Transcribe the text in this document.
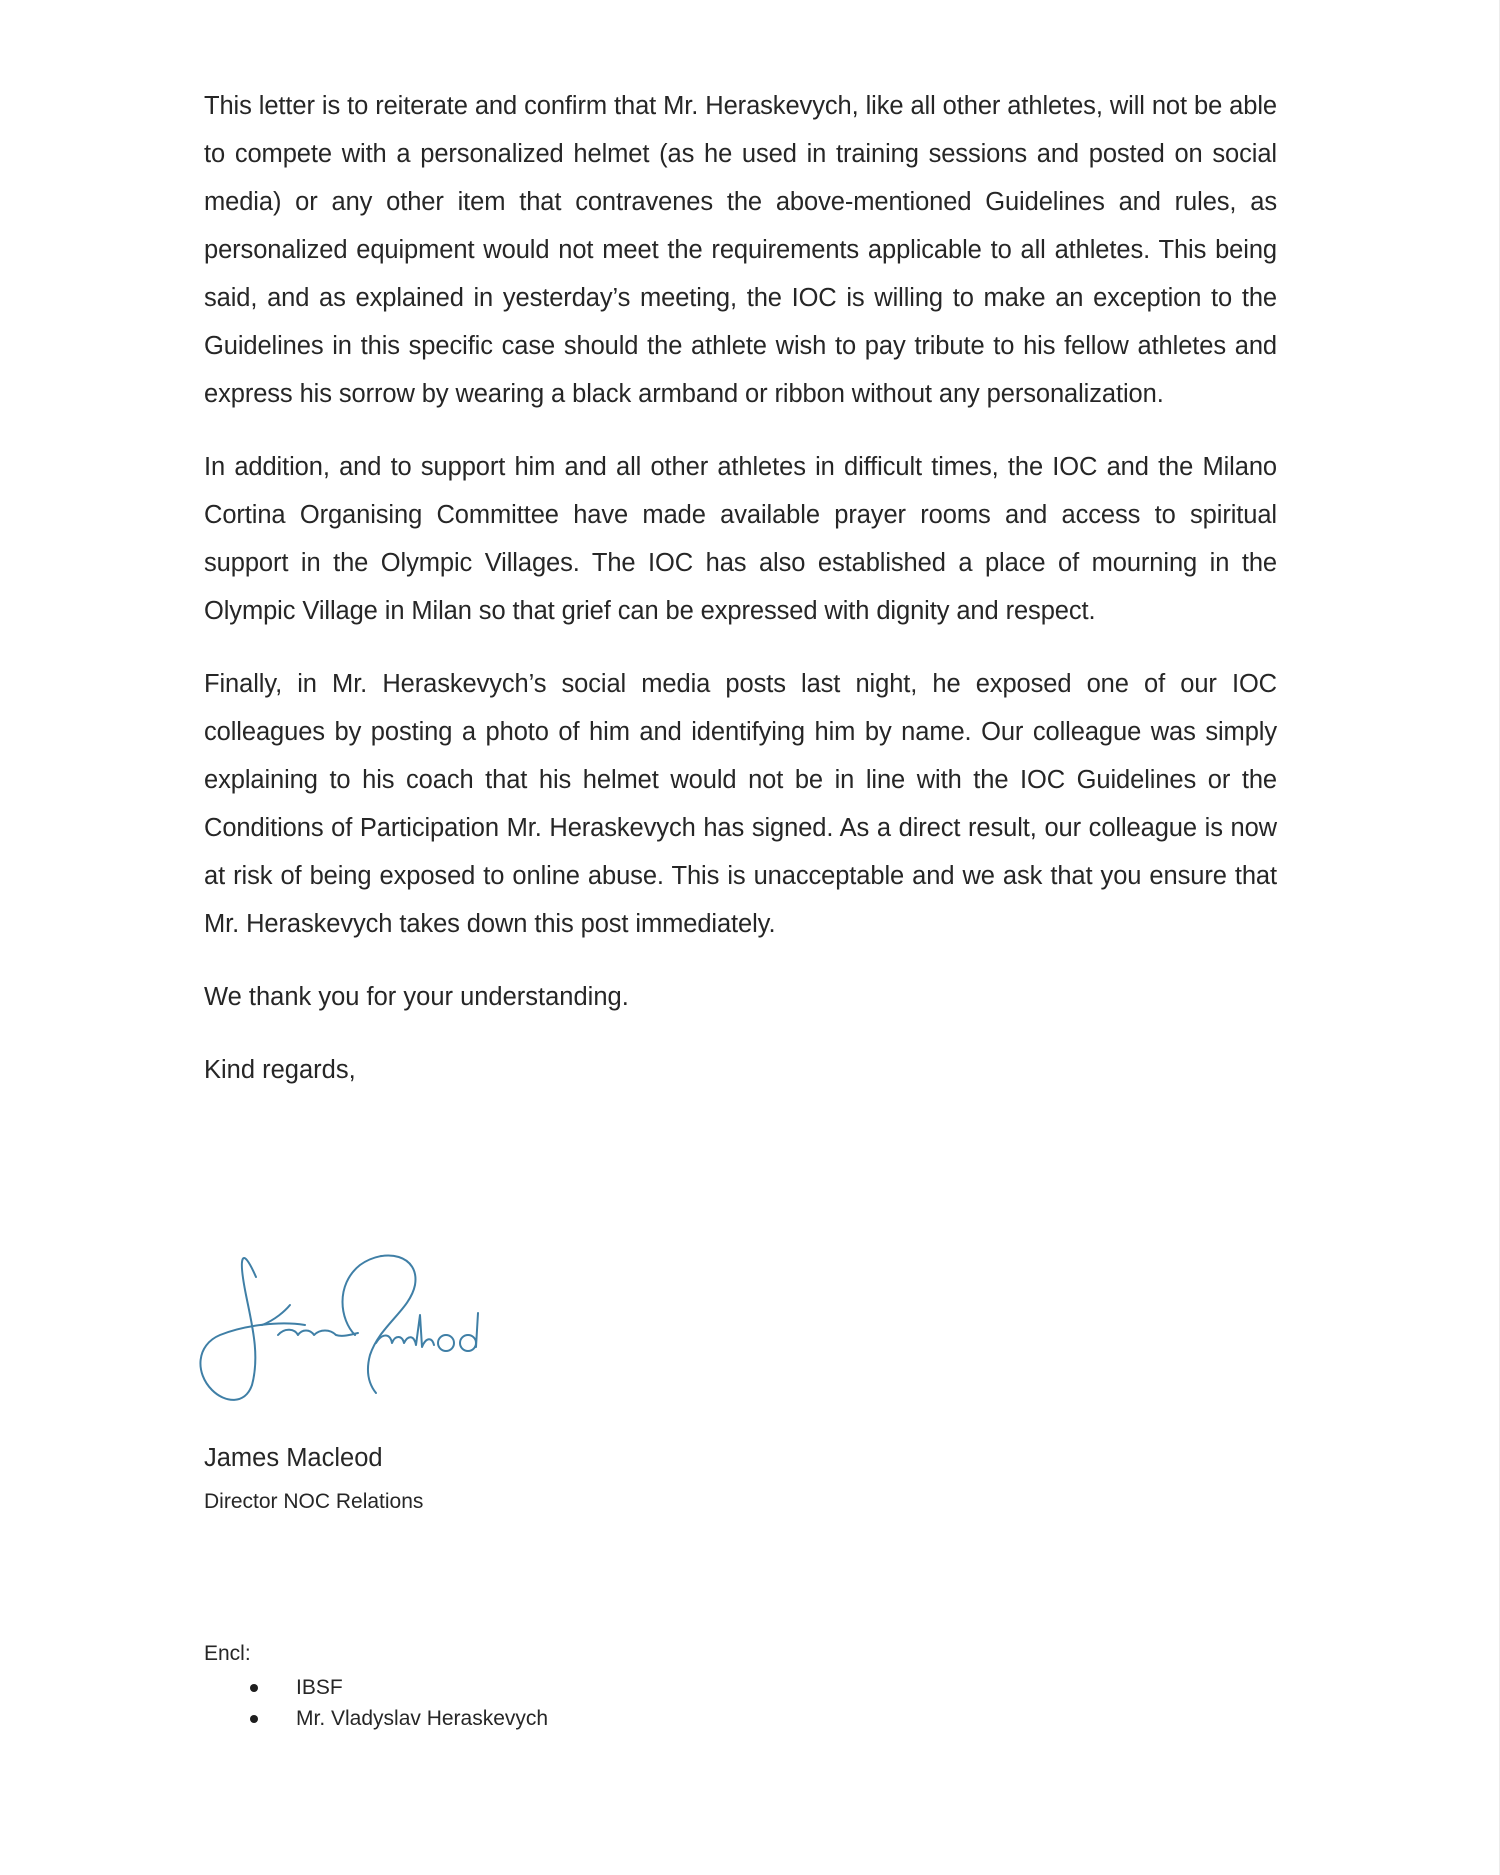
This letter is to reiterate and confirm that Mr. Heraskevych, like all other athletes, will not be able to compete with a personalized helmet (as he used in training sessions and posted on social media) or any other item that contravenes the above-mentioned Guidelines and rules, as personalized equipment would not meet the requirements applicable to all athletes. This being said, and as explained in yesterday’s meeting, the IOC is willing to make an exception to the Guidelines in this specific case should the athlete wish to pay tribute to his fellow athletes and express his sorrow by wearing a black armband or ribbon without any personalization.

In addition, and to support him and all other athletes in difficult times, the IOC and the Milano Cortina Organising Committee have made available prayer rooms and access to spiritual support in the Olympic Villages. The IOC has also established a place of mourning in the Olympic Village in Milan so that grief can be expressed with dignity and respect.

Finally, in Mr. Heraskevych’s social media posts last night, he exposed one of our IOC colleagues by posting a photo of him and identifying him by name. Our colleague was simply explaining to his coach that his helmet would not be in line with the IOC Guidelines or the Conditions of Participation Mr. Heraskevych has signed. As a direct result, our colleague is now at risk of being exposed to online abuse. This is unacceptable and we ask that you ensure that Mr. Heraskevych takes down this post immediately.

We thank you for your understanding.

Kind regards,

James Macleod
Director NOC Relations
Encl:
IBSF
Mr. Vladyslav Heraskevych
